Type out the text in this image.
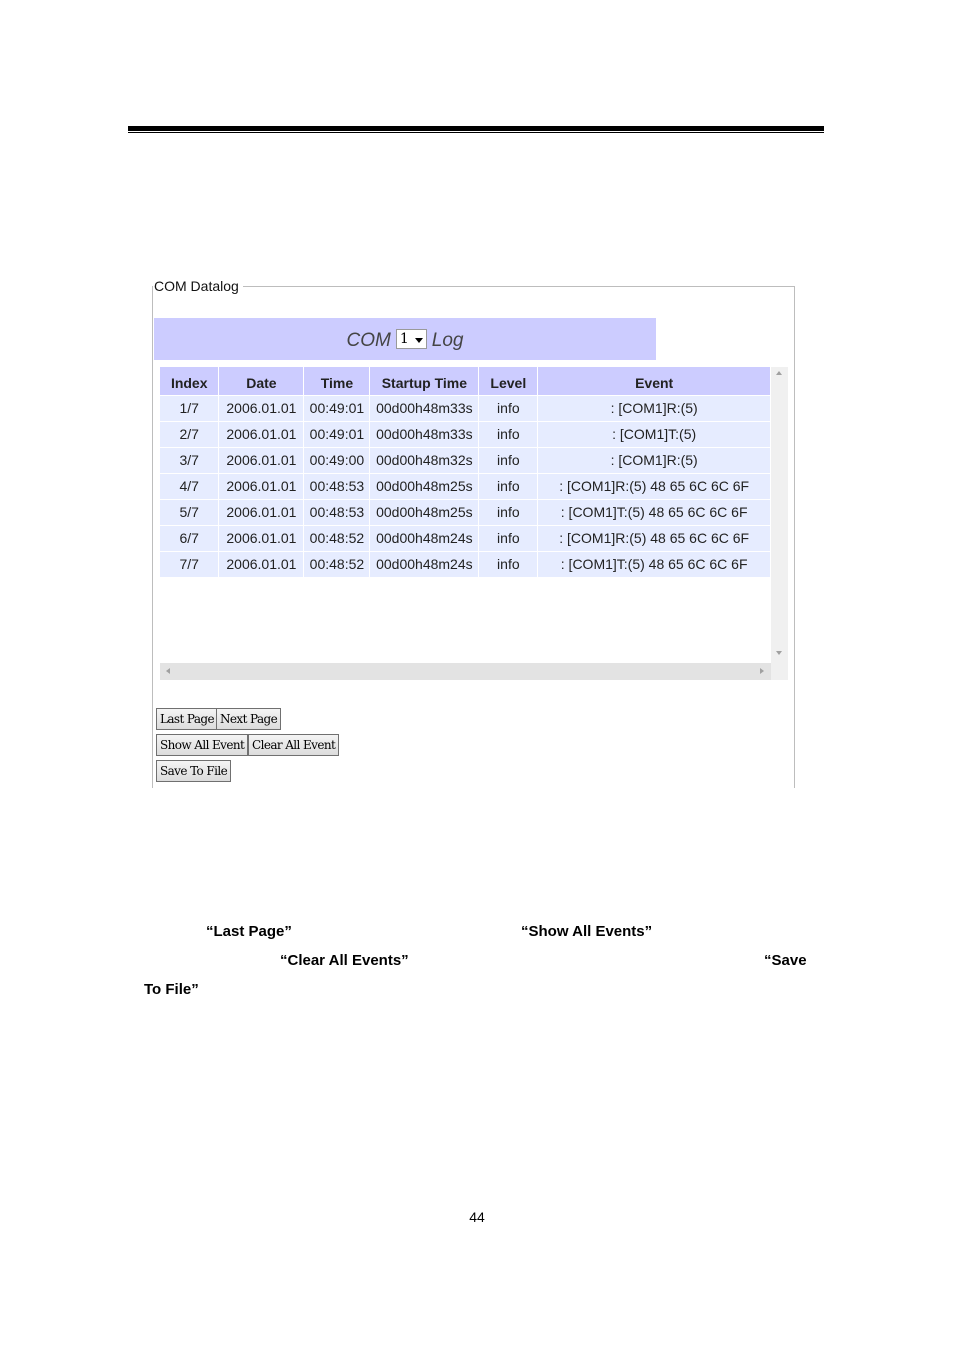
COM Datalog
COM 1 Log
Index	Date	Time	Startup Time	Level	Event
1/7	2006.01.01	00:49:01	00d00h48m33s	info	: [COM1]R:(5)
2/7	2006.01.01	00:49:01	00d00h48m33s	info	: [COM1]T:(5)
3/7	2006.01.01	00:49:00	00d00h48m32s	info	: [COM1]R:(5)
4/7	2006.01.01	00:48:53	00d00h48m25s	info	: [COM1]R:(5) 48 65 6C 6C 6F
5/7	2006.01.01	00:48:53	00d00h48m25s	info	: [COM1]T:(5) 48 65 6C 6C 6F
6/7	2006.01.01	00:48:52	00d00h48m24s	info	: [COM1]R:(5) 48 65 6C 6C 6F
7/7	2006.01.01	00:48:52	00d00h48m24s	info	: [COM1]T:(5) 48 65 6C 6C 6F
Last Page Next Page
Show All Event Clear All Event
Save To File
“Last Page”	“Show All Events”
“Clear All Events”	“Save
To File”
44
